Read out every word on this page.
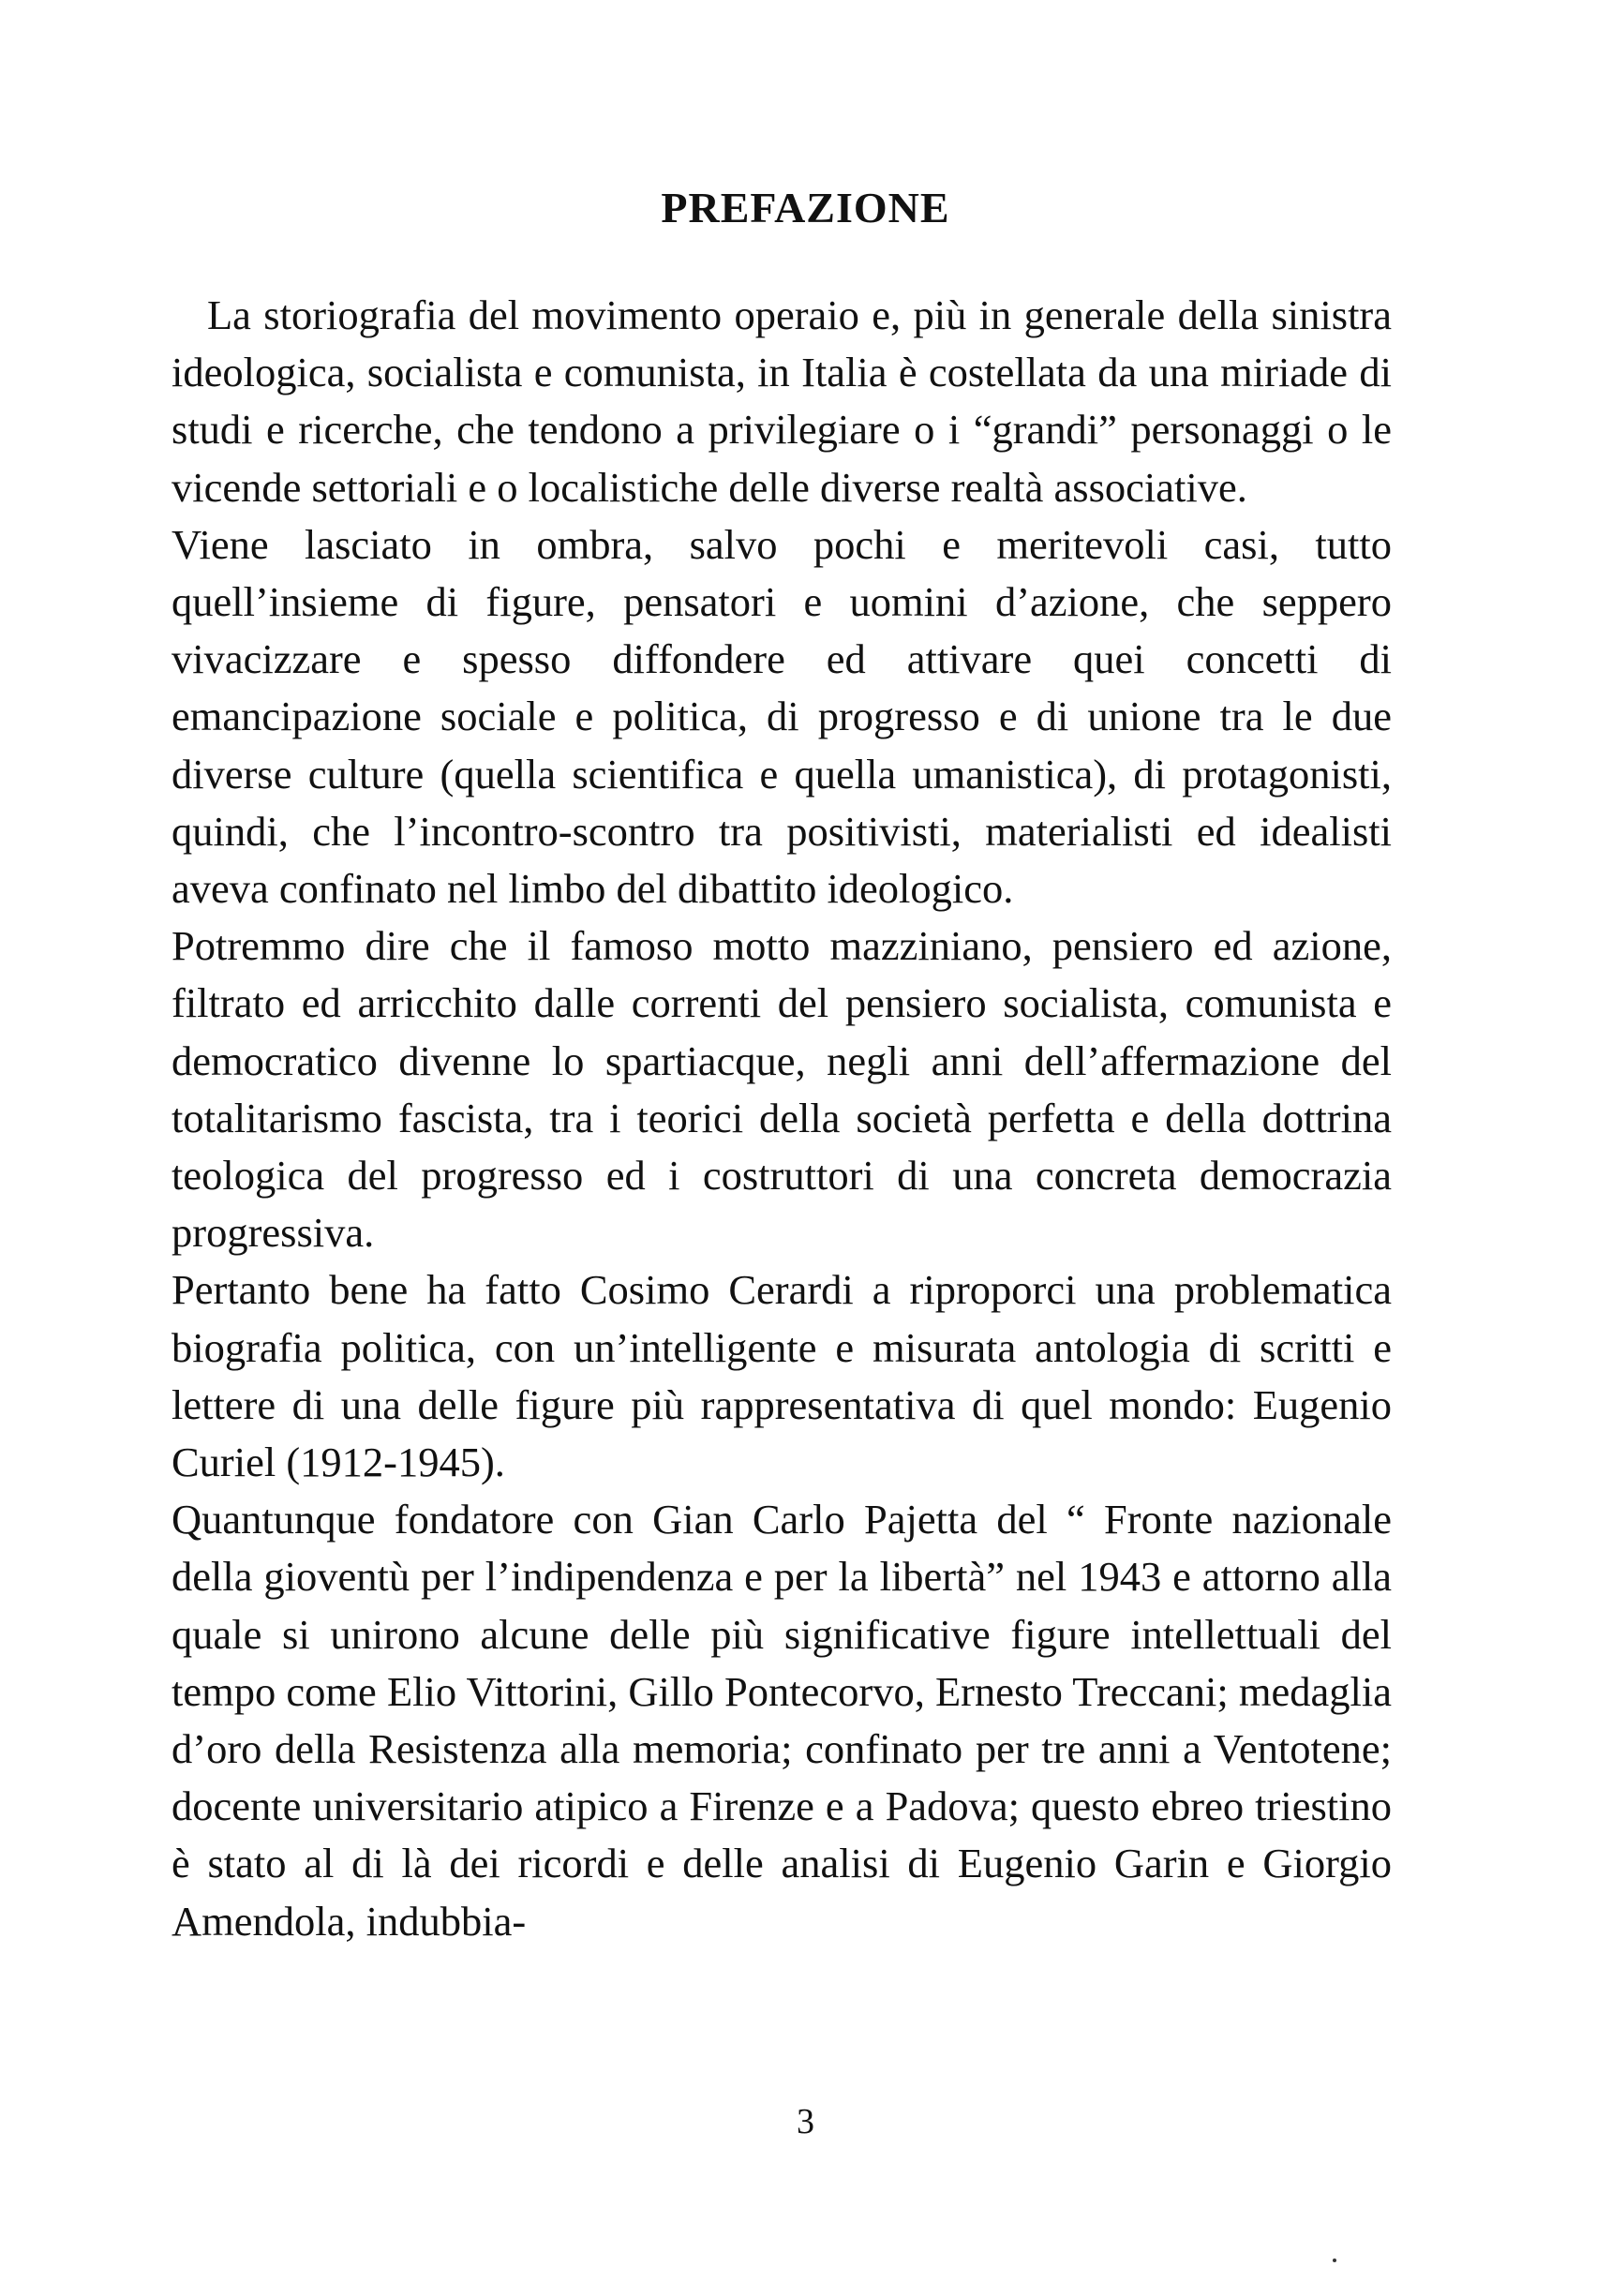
PREFAZIONE

La storiografia del movimento operaio e, più in generale della sinistra ideologica, socialista e comunista, in Italia è costellata da una miriade di studi e ricerche, che tendono a privilegiare o i “grandi” personaggi o le vicende settoriali e o localistiche delle diverse realtà associative.

Viene lasciato in ombra, salvo pochi e meritevoli casi, tutto quell’insieme di figure, pensatori e uomini d’azione, che seppero vivacizzare e spesso diffondere ed attivare quei concetti di emancipazione sociale e politica, di progresso e di unione tra le due diverse culture (quella scientifica e quella umanistica), di protagonisti, quindi, che l’incontro-scontro tra positivisti, materialisti ed idealisti aveva confinato nel limbo del dibattito ideologico.

Potremmo dire che il famoso motto mazziniano, pensiero ed azione, filtrato ed arricchito dalle correnti del pensiero socialista, comunista e democratico divenne lo spartiacque, negli anni dell’affermazione del totalitarismo fascista, tra i teorici della società perfetta e della dottrina teologica del progresso ed i costruttori di una concreta democrazia progressiva.

Pertanto bene ha fatto Cosimo Cerardi a riproporci una problematica biografia politica, con un’intelligente e misurata antologia di scritti e lettere di una delle figure più rappresentativa di quel mondo: Eugenio Curiel (1912-1945).

Quantunque fondatore con Gian Carlo Pajetta del “ Fronte nazionale della gioventù per l’indipendenza e per la libertà” nel 1943 e attorno alla quale si unirono alcune delle più significative figure intellettuali del tempo come Elio Vittorini, Gillo Pontecorvo, Ernesto Treccani; medaglia d’oro della Resistenza alla memoria; confinato per tre anni a Ventotene; docente universitario atipico a Firenze e a Padova; questo ebreo triestino è stato al di là dei ricordi e delle analisi di Eugenio Garin e Giorgio Amendola, indubbia-

3
